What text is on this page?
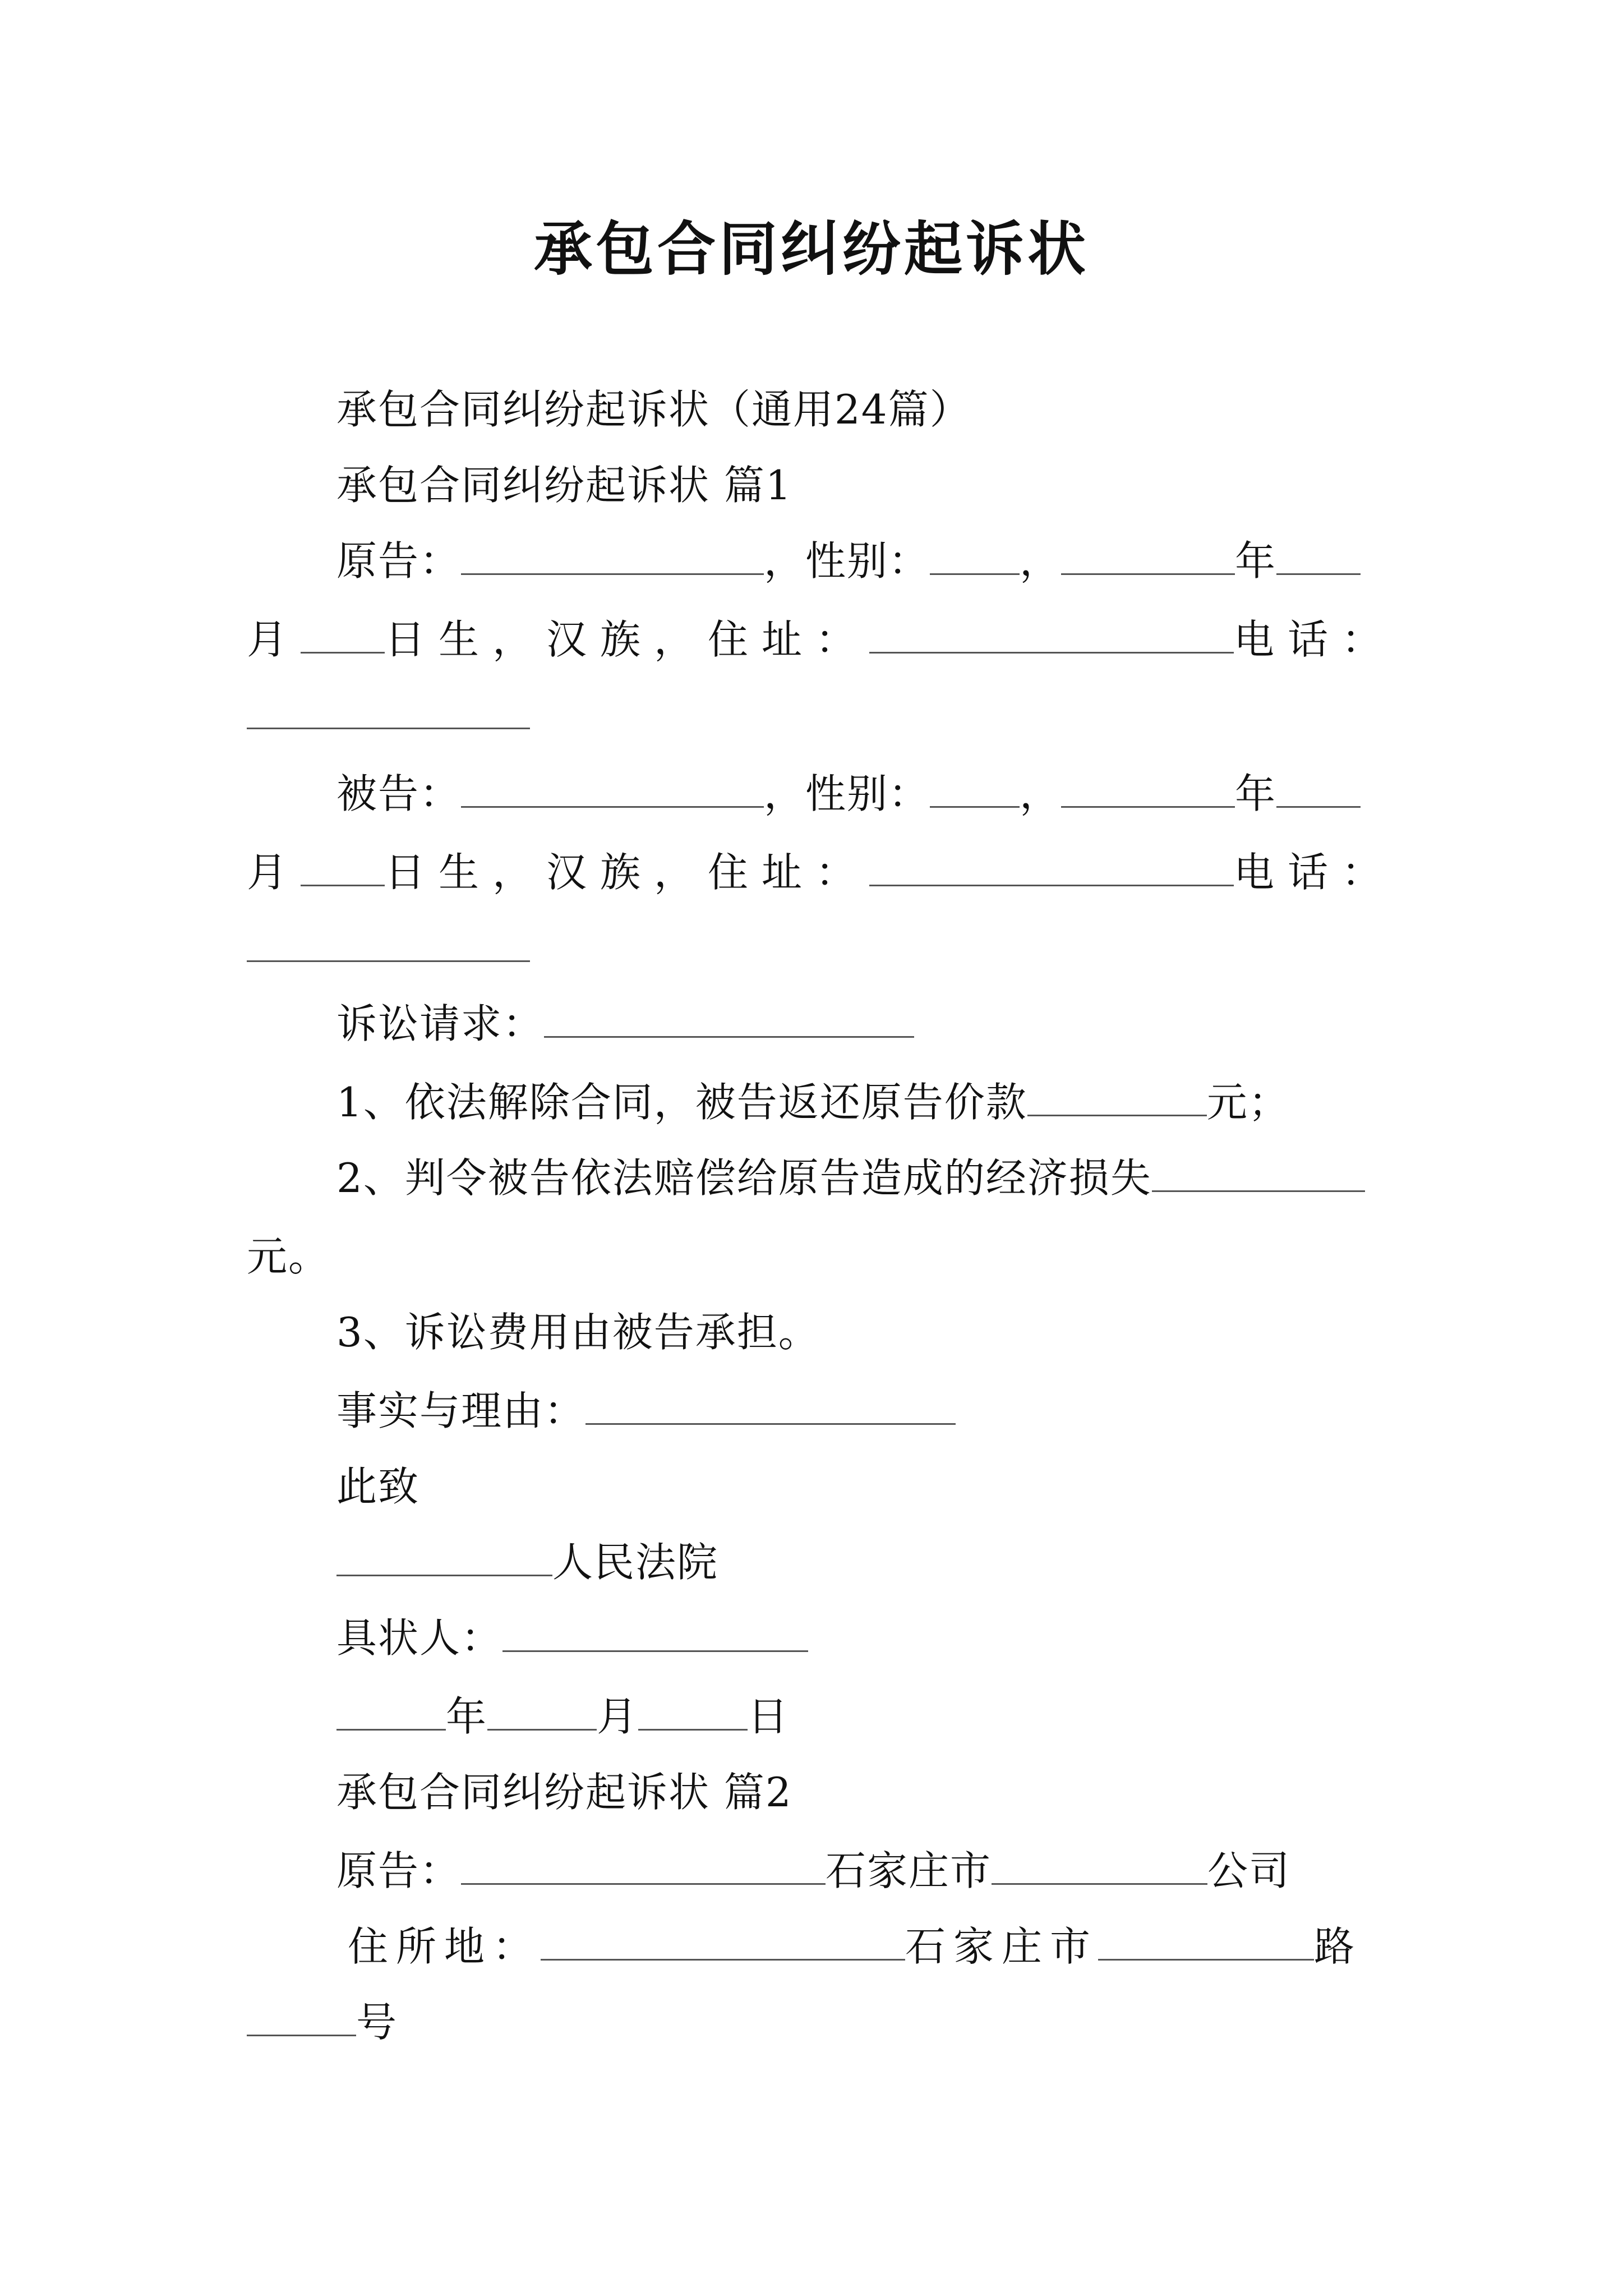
承包合同纠纷起诉状
承包合同纠纷起诉状（通用24篇）
承包合同纠纷起诉状 篇1
原告：	，性别： ，	年
月 日生，汉族，住址：	电话：
被告：	，性别： ，	年
月 日生，汉族，住址：	电话：
诉讼请求：
1、依法解除合同，被告返还原告价款	元；
2、判令被告依法赔偿给原告造成的经济损失
元。
3、诉讼费用由被告承担。
事实与理由：
此致
人民法院
具状人：
年	月	日
承包合同纠纷起诉状 篇2
原告：	石家庄市	公司
住所地：	石家庄市	路
号
